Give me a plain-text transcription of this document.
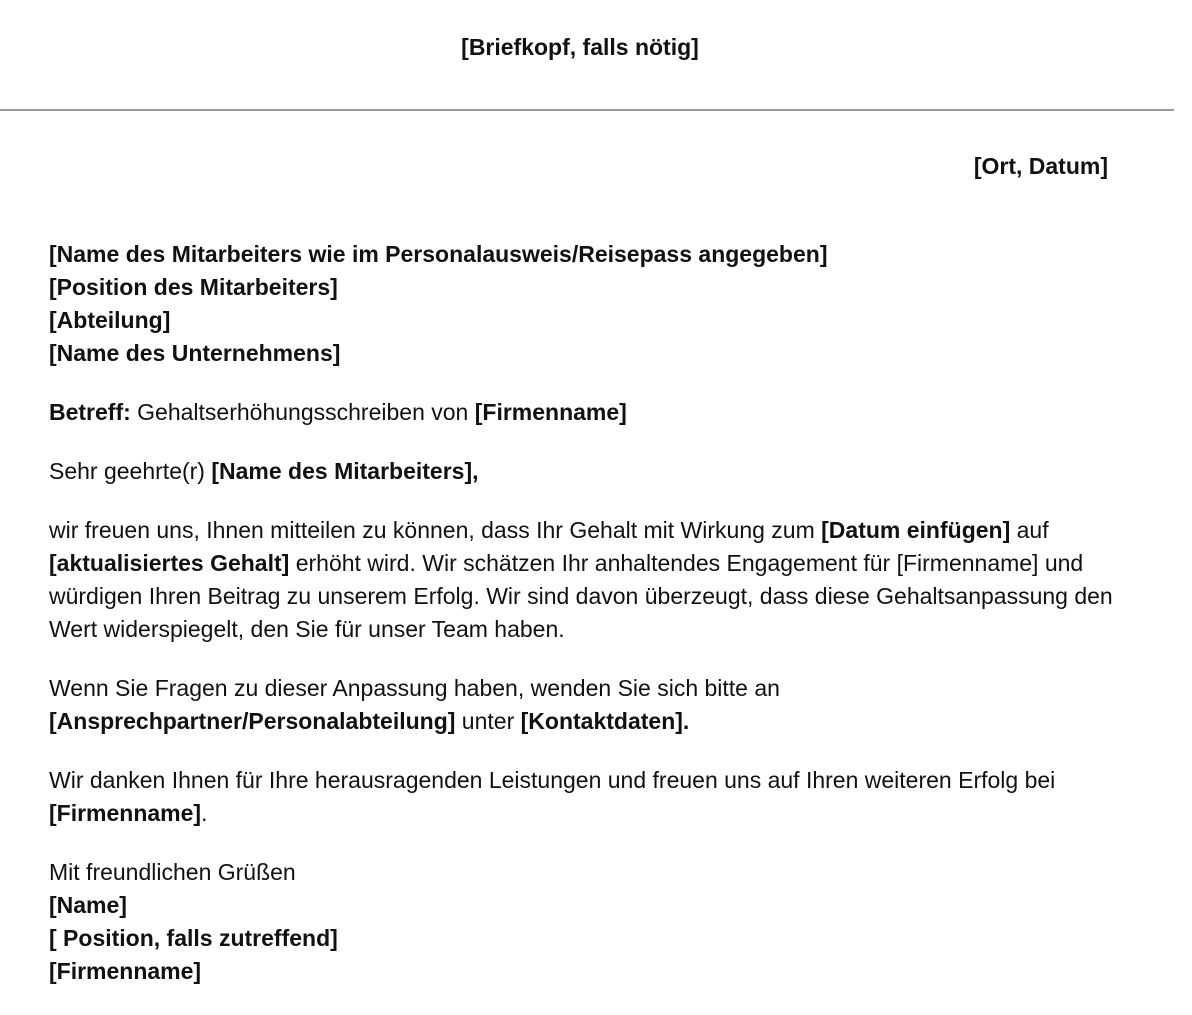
[Briefkopf, falls nötig]
[Ort, Datum]

[Name des Mitarbeiters wie im Personalausweis/Reisepass angegeben]
[Position des Mitarbeiters]
[Abteilung]
[Name des Unternehmens]

Betreff: Gehaltserhöhungsschreiben von [Firmenname]

Sehr geehrte(r) [Name des Mitarbeiters],

wir freuen uns, Ihnen mitteilen zu können, dass Ihr Gehalt mit Wirkung zum [Datum einfügen] auf [aktualisiertes Gehalt] erhöht wird. Wir schätzen Ihr anhaltendes Engagement für [Firmenname] und würdigen Ihren Beitrag zu unserem Erfolg. Wir sind davon überzeugt, dass diese Gehaltsanpassung den Wert widerspiegelt, den Sie für unser Team haben.

Wenn Sie Fragen zu dieser Anpassung haben, wenden Sie sich bitte an [Ansprechpartner/Personalabteilung] unter [Kontaktdaten].

Wir danken Ihnen für Ihre herausragenden Leistungen und freuen uns auf Ihren weiteren Erfolg bei [Firmenname].

Mit freundlichen Grüßen
[Name]
[ Position, falls zutreffend]
[Firmenname]
